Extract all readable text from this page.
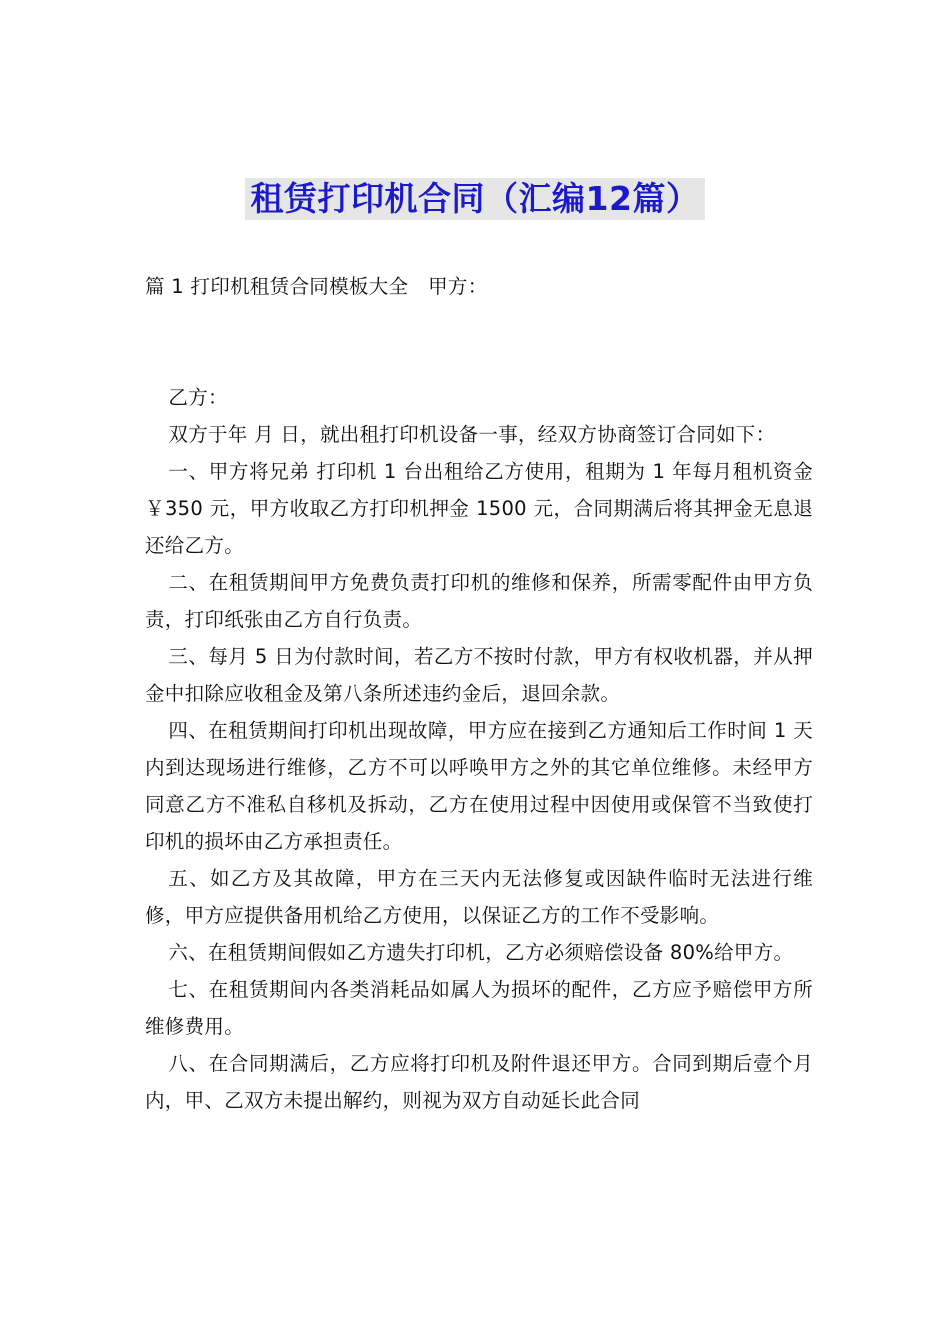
租赁打印机合同（汇编12篇）
篇 1 打印机租赁合同模板大全　甲方：

乙方：

双方于年 月 日，就出租打印机设备一事，经双方协商签订合同如下：

一、甲方将兄弟 打印机 1 台出租给乙方使用，租期为 1 年每月租机资金 ￥350 元，甲方收取乙方打印机押金 1500 元，合同期满后将其押金无息退还给乙方。

二、在租赁期间甲方免费负责打印机的维修和保养，所需零配件由甲方负责，打印纸张由乙方自行负责。

三、每月 5 日为付款时间，若乙方不按时付款，甲方有权收机器，并从押金中扣除应收租金及第八条所述违约金后，退回余款。

四、在租赁期间打印机出现故障，甲方应在接到乙方通知后工作时间 1 天内到达现场进行维修，乙方不可以呼唤甲方之外的其它单位维修。未经甲方同意乙方不准私自移机及拆动，乙方在使用过程中因使用或保管不当致使打印机的损坏由乙方承担责任。

五、如乙方及其故障，甲方在三天内无法修复或因缺件临时无法进行维修，甲方应提供备用机给乙方使用，以保证乙方的工作不受影响。

六、在租赁期间假如乙方遗失打印机，乙方必须赔偿设备 80%给甲方。

七、在租赁期间内各类消耗品如属人为损坏的配件，乙方应予赔偿甲方所维修费用。

八、在合同期满后，乙方应将打印机及附件退还甲方。合同到期后壹个月内，甲、乙双方未提出解约，则视为双方自动延长此合同
